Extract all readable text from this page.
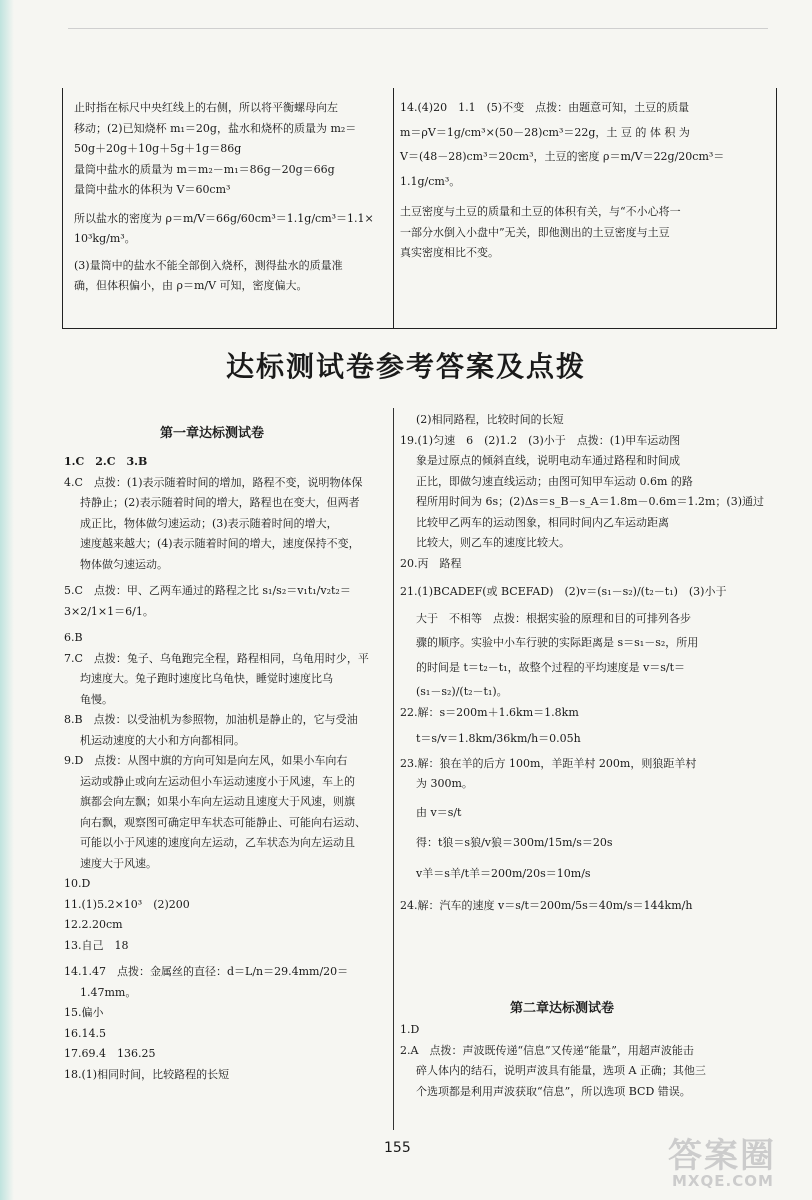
止时指在标尺中央红线上的右侧，所以将平衡螺母向左

移动；(2)已知烧杯 m₁＝20g，盐水和烧杯的质量为 m₂＝

50g＋20g＋10g＋5g＋1g＝86g

量筒中盐水的质量为 m＝m₂－m₁＝86g－20g＝66g

量筒中盐水的体积为 V＝60cm³

所以盐水的密度为 ρ＝m/V＝66g/60cm³＝1.1g/cm³＝1.1×

10³kg/m³。

(3)量筒中的盐水不能全部倒入烧杯，测得盐水的质量准

确，但体积偏小，由 ρ＝m/V 可知，密度偏大。

14.(4)20　1.1　(5)不变　点拨：由题意可知，土豆的质量

m＝ρV＝1g/cm³×(50－28)cm³＝22g，土 豆 的 体 积 为

V＝(48－28)cm³＝20cm³，土豆的密度 ρ＝m/V＝22g/20cm³＝

1.1g/cm³。

土豆密度与土豆的质量和土豆的体积有关，与“不小心将一

一部分水倒入小盘中”无关，即他测出的土豆密度与土豆

真实密度相比不变。

达标测试卷参考答案及点拨
第一章达标测试卷

1.C　2.C　3.B

4.C　点拨：(1)表示随着时间的增加，路程不变，说明物体保

持静止；(2)表示随着时间的增大，路程也在变大，但两者

成正比，物体做匀速运动；(3)表示随着时间的增大，

速度越来越大；(4)表示随着时间的增大，速度保持不变，

物体做匀速运动。

5.C　点拨：甲、乙两车通过的路程之比 s₁/s₂＝v₁t₁/v₂t₂＝3×2/1×1＝6/1。

6.B

7.C　点拨：兔子、乌龟跑完全程，路程相同，乌龟用时少，平

均速度大。兔子跑时速度比乌龟快，睡觉时速度比乌

龟慢。

8.B　点拨：以受油机为参照物，加油机是静止的，它与受油

机运动速度的大小和方向都相同。

9.D　点拨：从图中旗的方向可知是向左风，如果小车向右

运动或静止或向左运动但小车运动速度小于风速，车上的

旗都会向左飘；如果小车向左运动且速度大于风速，则旗

向右飘，观察图可确定甲车状态可能静止、可能向右运动、

可能以小于风速的速度向左运动，乙车状态为向左运动且

速度大于风速。

10.D

11.(1)5.2×10³　(2)200

12.2.20cm

13.自己　18

14.1.47　点拨：金属丝的直径：d＝L/n＝29.4mm/20＝

1.47mm。

15.偏小

16.14.5

17.69.4　136.25

18.(1)相同时间，比较路程的长短

(2)相同路程，比较时间的长短

19.(1)匀速　6　(2)1.2　(3)小于　点拨：(1)甲车运动图

象是过原点的倾斜直线，说明电动车通过路程和时间成

正比，即做匀速直线运动；由图可知甲车运动 0.6m 的路

程所用时间为 6s；(2)Δs＝s_B－s_A＝1.8m－0.6m＝1.2m；(3)通过

比较甲乙两车的运动图象，相同时间内乙车运动距离

比较大，则乙车的速度比较大。

20.丙　路程

21.(1)BCADEF(或 BCEFAD)　(2)v＝(s₁－s₂)/(t₂－t₁)　(3)小于

大于　不相等　点拨：根据实验的原理和目的可排列各步

骤的顺序。实验中小车行驶的实际距离是 s＝s₁－s₂，所用

的时间是 t＝t₂－t₁，故整个过程的平均速度是 v＝s/t＝

(s₁－s₂)/(t₂－t₁)。

22.解：s＝200m＋1.6km＝1.8km

t＝s/v＝1.8km/36km/h＝0.05h

23.解：狼在羊的后方 100m，羊距羊村 200m，则狼距羊村

为 300m。

由 v＝s/t

得：t狼＝s狼/v狼＝300m/15m/s＝20s

v羊＝s羊/t羊＝200m/20s＝10m/s

24.解：汽车的速度 v＝s/t＝200m/5s＝40m/s＝144km/h

第二章达标测试卷

1.D

2.A　点拨：声波既传递“信息”又传递“能量”，用超声波能击

碎人体内的结石，说明声波具有能量，选项 A 正确；其他三

个选项都是利用声波获取“信息”，所以选项 BCD 错误。

155	答案圈
MXQE.COM
